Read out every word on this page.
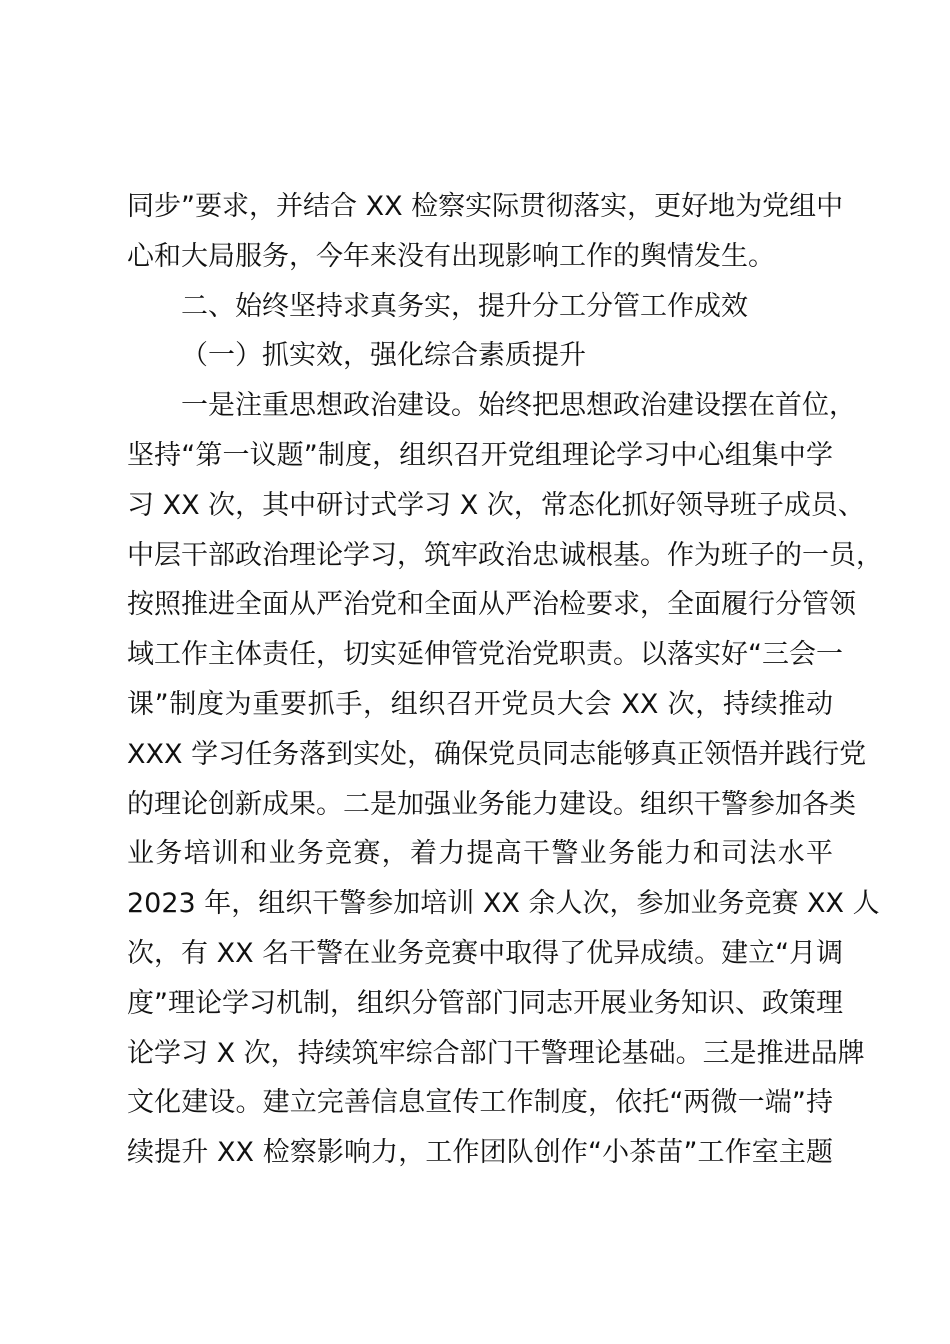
同步”要求，并结合 XX 检察实际贯彻落实，更好地为党组中
心和大局服务，今年来没有出现影响工作的舆情发生。
二、始终坚持求真务实，提升分工分管工作成效
（一）抓实效，强化综合素质提升
一是注重思想政治建设。始终把思想政治建设摆在首位，
坚持“第一议题”制度，组织召开党组理论学习中心组集中学
习 XX 次，其中研讨式学习 X 次，常态化抓好领导班子成员、
中层干部政治理论学习，筑牢政治忠诚根基。作为班子的一员，
按照推进全面从严治党和全面从严治检要求，全面履行分管领
域工作主体责任，切实延伸管党治党职责。以落实好“三会一
课”制度为重要抓手，组织召开党员大会 XX 次，持续推动
XXX 学习任务落到实处，确保党员同志能够真正领悟并践行党
的理论创新成果。二是加强业务能力建设。组织干警参加各类
业务培训和业务竞赛，着力提高干警业务能力和司法水平
2023 年，组织干警参加培训 XX 余人次，参加业务竞赛 XX 人
次，有 XX 名干警在业务竞赛中取得了优异成绩。建立“月调
度”理论学习机制，组织分管部门同志开展业务知识、政策理
论学习 X 次，持续筑牢综合部门干警理论基础。三是推进品牌
文化建设。建立完善信息宣传工作制度，依托“两微一端”持
续提升 XX 检察影响力，工作团队创作“小茶苗”工作室主题
